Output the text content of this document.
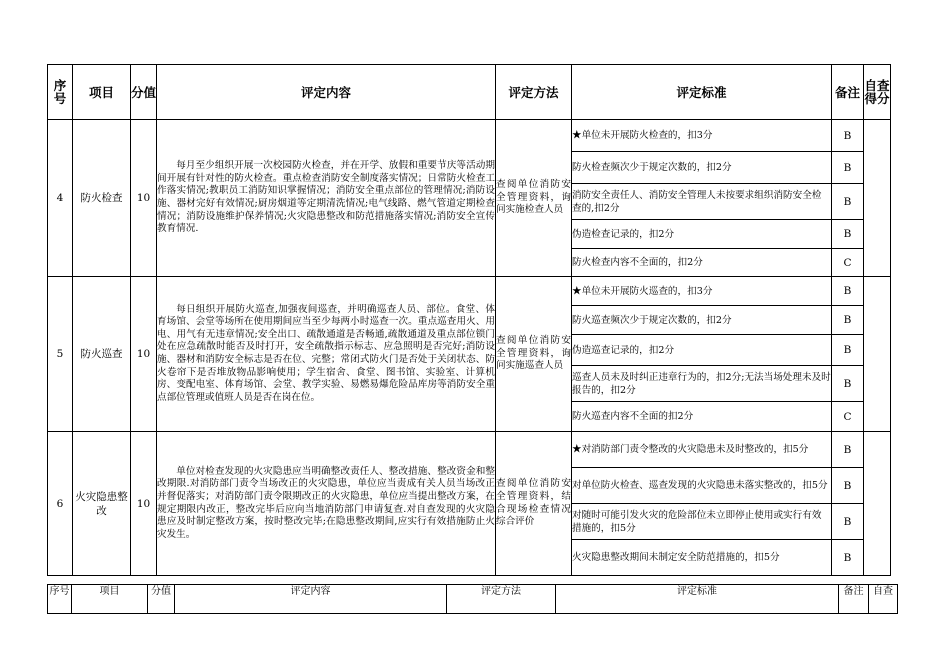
序号	项目	分值	评定内容	评定方法	评定标准	备注	自查得分
4	防火检查	10	每月至少组织开展一次校园防火检查，并在开学、放假和重要节庆等活动期间开展有针对性的防火检查。重点检查消防安全制度落实情况；日常防火检查工作落实情况;教职员工消防知识掌握情况；消防安全重点部位的管理情况;消防设施、器材完好有效情况;厨房烟道等定期清洗情况;电气线路、燃气管道定期检查情况；消防设施维护保养情况;火灾隐患整改和防范措施落实情况;消防安全宣传教育情况.	查阅单位消防安全管理资料，询问实施检查人员	★单位未开展防火检查的，扣3分	B	
					防火检查频次少于规定次数的，扣2分	B	
					消防安全责任人、消防安全管理人未按要求组织消防安全检查的,扣2分	B	
					伪造检查记录的，扣2分	B	
					防火检查内容不全面的，扣2分	C	
5	防火巡查	10	每日组织开展防火巡查,加强夜间巡查，并明确巡查人员、部位。食堂、体育场馆、会堂等场所在使用期间应当至少每两小时巡查一次。重点巡查用火、用电、用气有无违章情况;安全出口、疏散通道是否畅通,疏散通道及重点部位锁门处在应急疏散时能否及时打开，安全疏散指示标志、应急照明是否完好;消防设施、器材和消防安全标志是否在位、完整；常闭式防火门是否处于关闭状态、防火卷帘下是否堆放物品影响使用；学生宿舍、食堂、图书馆、实验室、计算机房、变配电室、体育场馆、会堂、教学实验、易燃易爆危险品库房等消防安全重点部位管理或值班人员是否在岗在位。	查阅单位消防安全管理资料，询问实施巡查人员	★单位未开展防火巡查的，扣3分	B	
					防火巡查频次少于规定次数的，扣2分	B	
					伪造巡查记录的，扣2分	B	
					巡查人员未及时纠正违章行为的，扣2分;无法当场处理未及时报告的，扣2分	B	
					防火巡查内容不全面的扣2分	C	
6	火灾隐患整改	10	单位对检查发现的火灾隐患应当明确整改责任人、整改措施、整改资金和整改期限.对消防部门责令当场改正的火灾隐患，单位应当责成有关人员当场改正并督促落实；对消防部门责令限期改正的火灾隐患，单位应当提出整改方案，在规定期限内改正，整改完毕后应向当地消防部门申请复查.对自查发现的火灾隐患应及时制定整改方案，按时整改完毕;在隐患整改期间,应实行有效措施防止火灾发生。	查阅单位消防安全管理资料，结合现场检查情况综合评价	★对消防部门责令整改的火灾隐患未及时整改的，扣5分	B	
					对单位防火检查、巡查发现的火灾隐患未落实整改的，扣5分	B	
					对随时可能引发火灾的危险部位未立即停止使用或实行有效措施的，扣5分	B	
					火灾隐患整改期间未制定安全防范措施的，扣5分	B	
序号	项目	分值	评定内容	评定方法	评定标准	备注	自查
